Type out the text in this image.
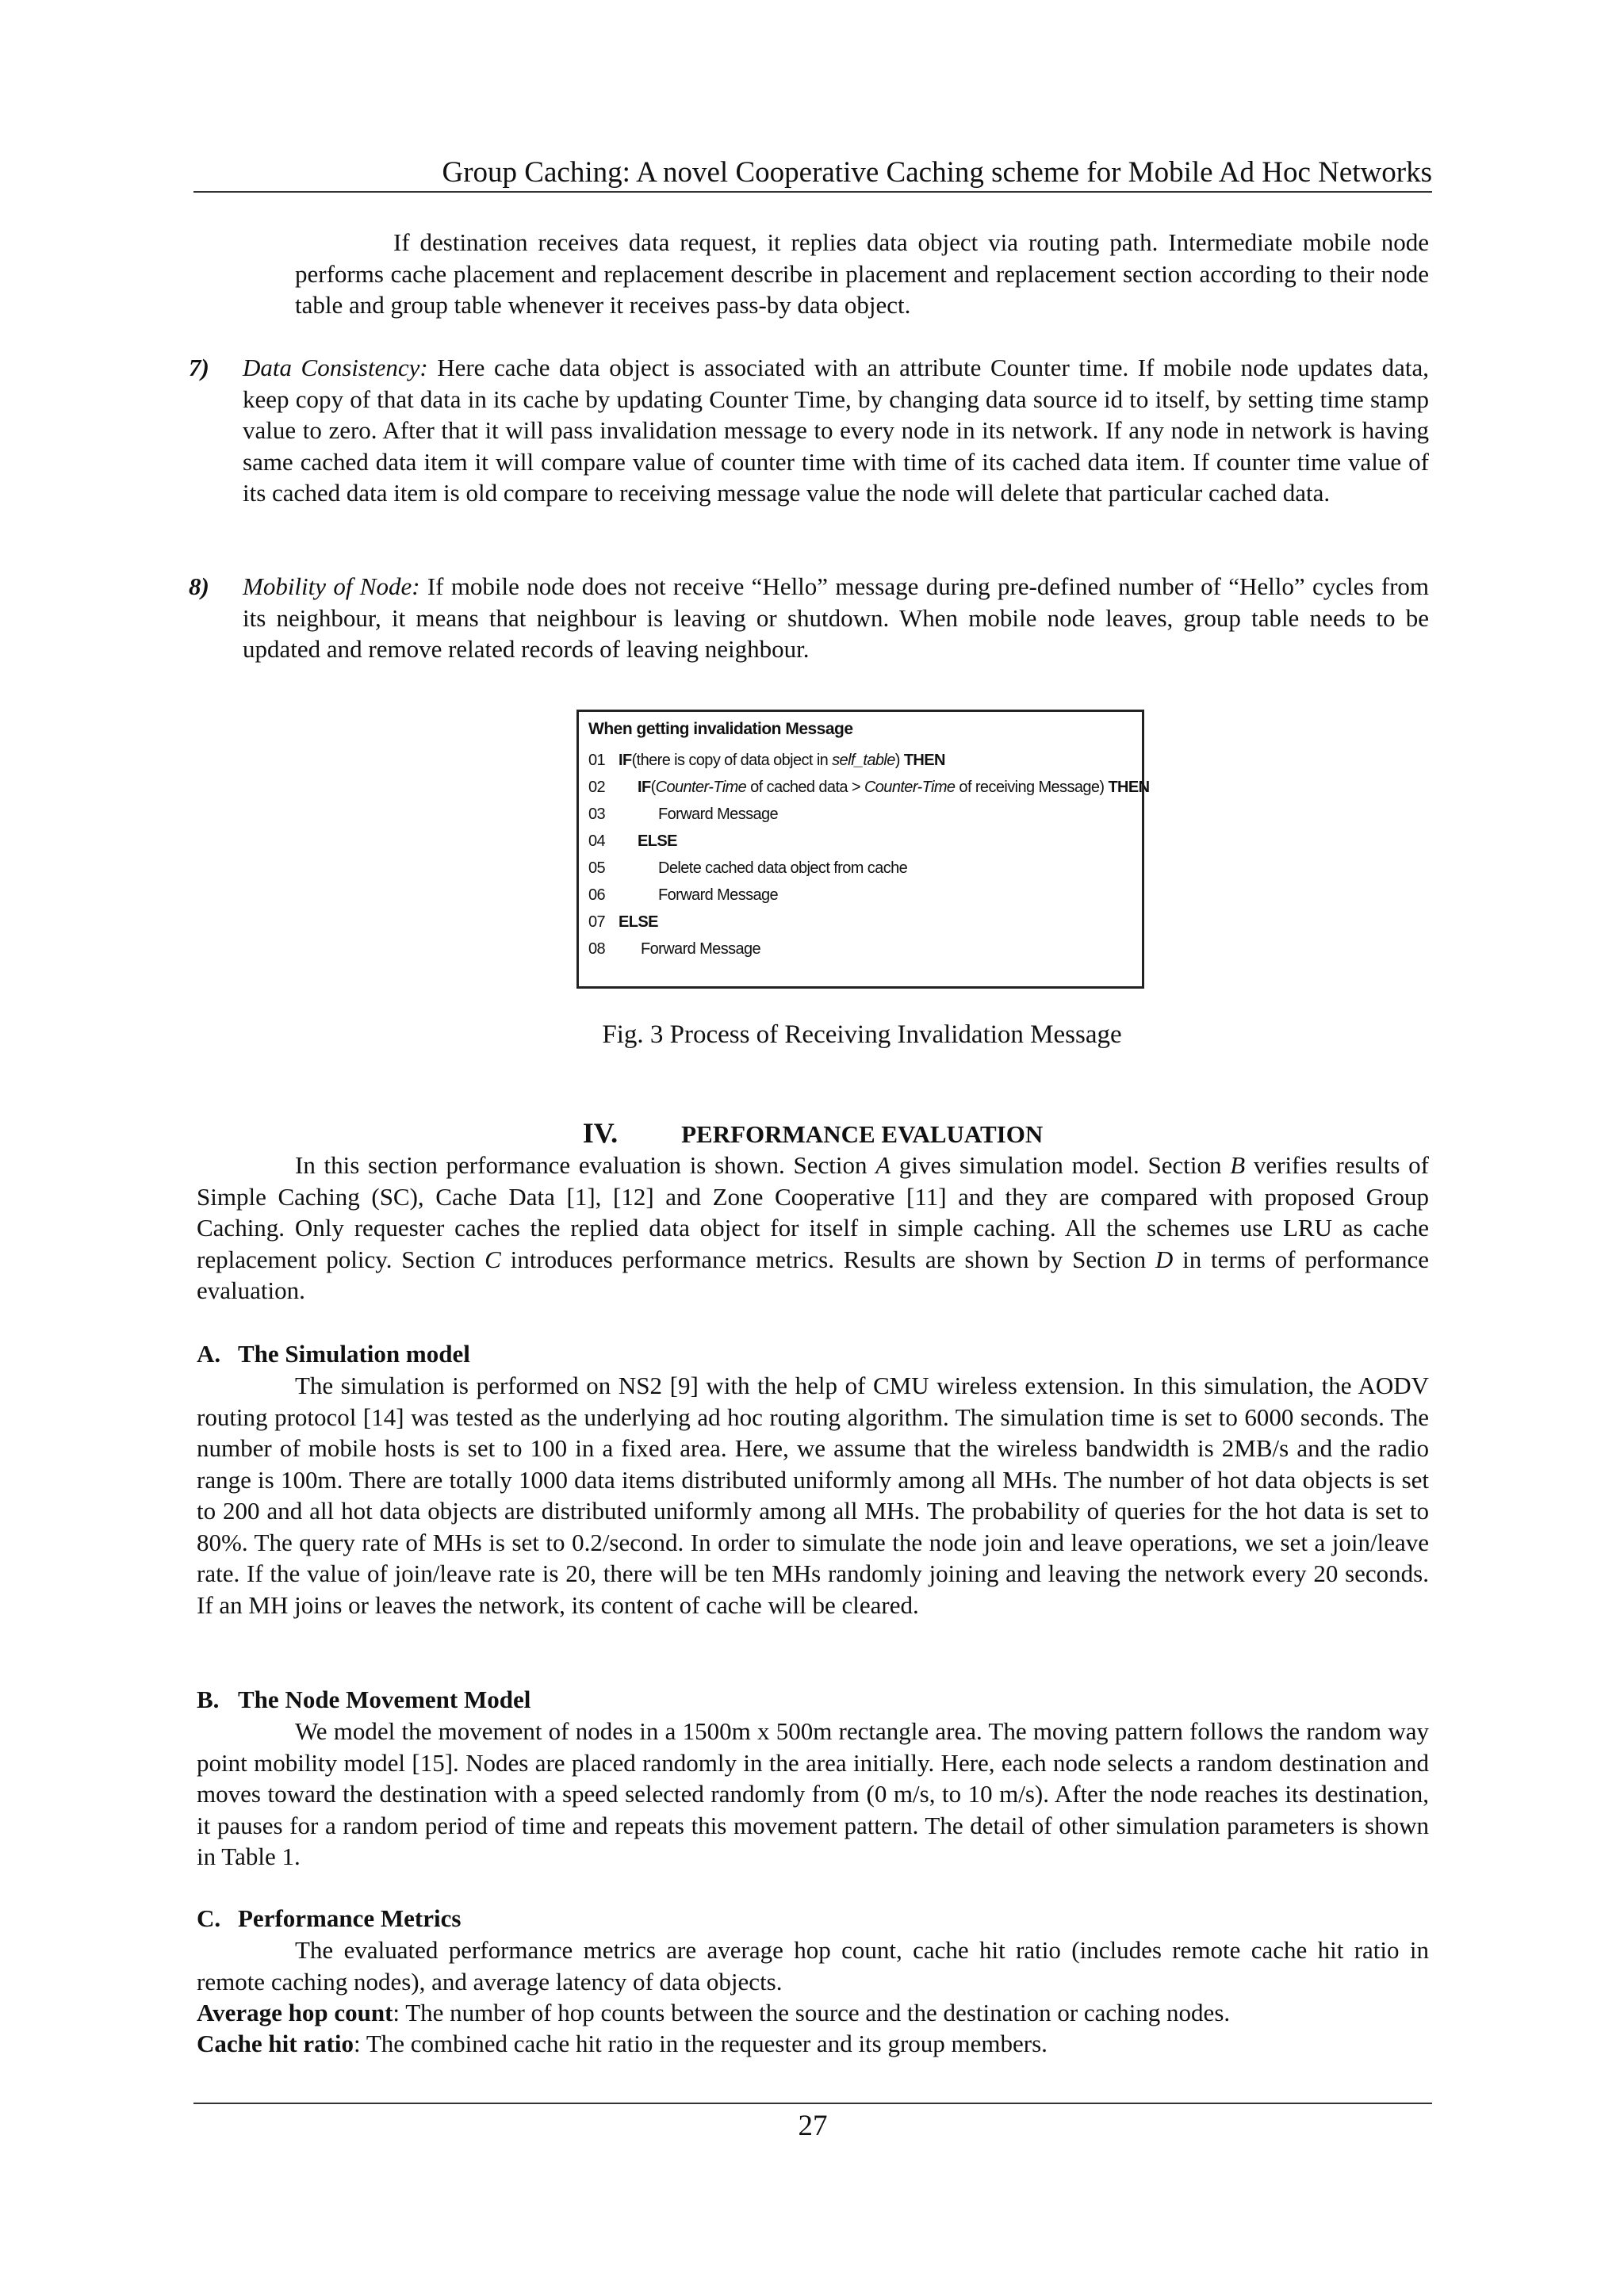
Group Caching: A novel Cooperative Caching scheme for Mobile Ad Hoc Networks

If destination receives data request, it replies data object via routing path. Intermediate mobile node performs cache placement and replacement describe in placement and replacement section according to their node table and group table whenever it receives pass-by data object.

7) Data Consistency: Here cache data object is associated with an attribute Counter time. If mobile node updates data, keep copy of that data in its cache by updating Counter Time, by changing data source id to itself, by setting time stamp value to zero. After that it will pass invalidation message to every node in its network. If any node in network is having same cached data item it will compare value of counter time with time of its cached data item. If counter time value of its cached data item is old compare to receiving message value the node will delete that particular cached data.
8) Mobility of Node: If mobile node does not receive “Hello” message during pre-defined number of “Hello” cycles from its neighbour, it means that neighbour is leaving or shutdown. When mobile node leaves, group table needs to be updated and remove related records of leaving neighbour.
When getting invalidation Message
01 IF(there is copy of data object in self_table) THEN
02 IF(Counter-Time of cached data > Counter-Time of receiving Message) THEN
03	Forward Message
04 ELSE
05	Delete cached data object from cache
06	Forward Message
07 ELSE
08 Forward Message
Fig. 3 Process of Receiving Invalidation Message
IV.	PERFORMANCE EVALUATION

In this section performance evaluation is shown. Section A gives simulation model. Section B verifies results of Simple Caching (SC), Cache Data [1], [12] and Zone Cooperative [11] and they are compared with proposed Group Caching. Only requester caches the replied data object for itself in simple caching. All the schemes use LRU as cache replacement policy. Section C introduces performance metrics. Results are shown by Section D in terms of performance evaluation.

A. The Simulation model

The simulation is performed on NS2 [9] with the help of CMU wireless extension. In this simulation, the AODV routing protocol [14] was tested as the underlying ad hoc routing algorithm. The simulation time is set to 6000 seconds. The number of mobile hosts is set to 100 in a fixed area. Here, we assume that the wireless bandwidth is 2MB/s and the radio range is 100m. There are totally 1000 data items distributed uniformly among all MHs. The number of hot data objects is set to 200 and all hot data objects are distributed uniformly among all MHs. The probability of queries for the hot data is set to 80%. The query rate of MHs is set to 0.2/second. In order to simulate the node join and leave operations, we set a join/leave rate. If the value of join/leave rate is 20, there will be ten MHs randomly joining and leaving the network every 20 seconds. If an MH joins or leaves the network, its content of cache will be cleared.

B. The Node Movement Model

We model the movement of nodes in a 1500m x 500m rectangle area. The moving pattern follows the random way point mobility model [15]. Nodes are placed randomly in the area initially. Here, each node selects a random destination and moves toward the destination with a speed selected randomly from (0 m/s, to 10 m/s). After the node reaches its destination, it pauses for a random period of time and repeats this movement pattern. The detail of other simulation parameters is shown in Table 1.

C. Performance Metrics

The evaluated performance metrics are average hop count, cache hit ratio (includes remote cache hit ratio in remote caching nodes), and average latency of data objects.

Average hop count: The number of hop counts between the source and the destination or caching nodes.
Cache hit ratio: The combined cache hit ratio in the requester and its group members.
27
